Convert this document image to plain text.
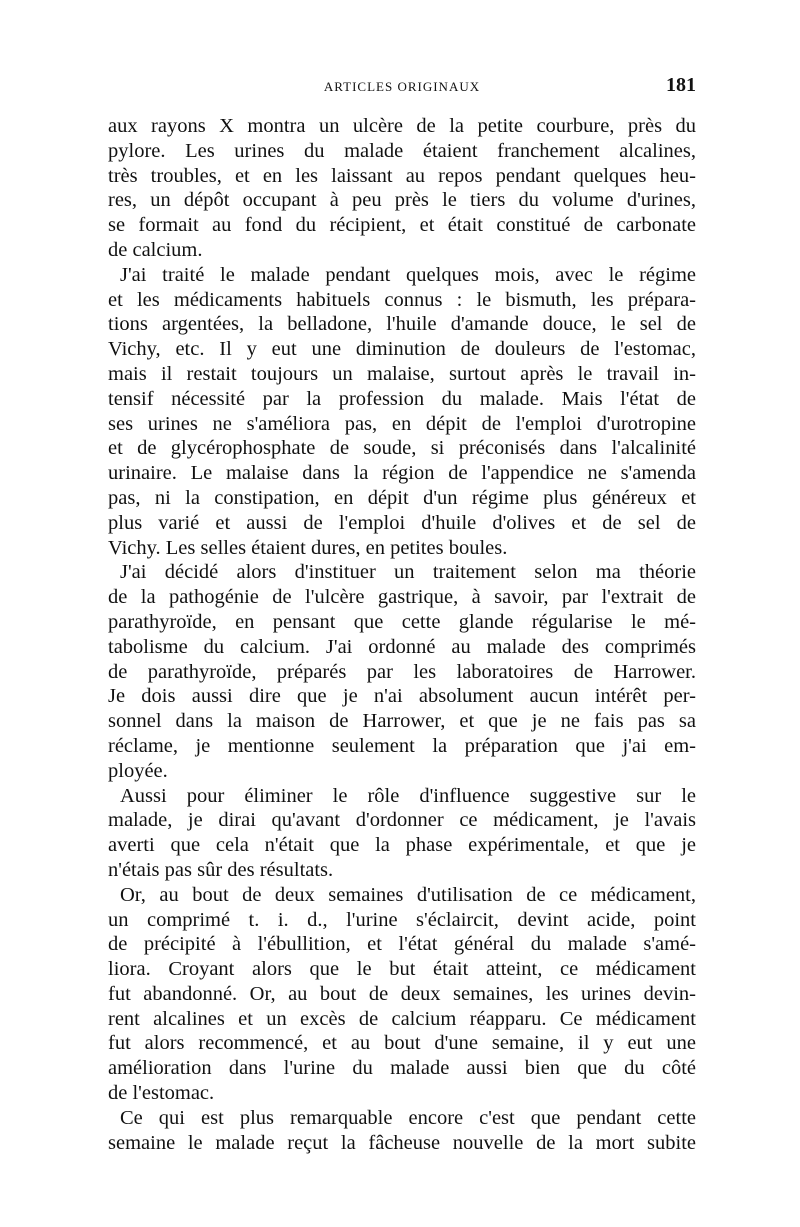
ARTICLES ORIGINAUX	181

aux rayons X montra un ulcère de la petite courbure, près du

pylore. Les urines du malade étaient franchement alcalines,

très troubles, et en les laissant au repos pendant quelques heu-

res, un dépôt occupant à peu près le tiers du volume d'urines,

se formait au fond du récipient, et était constitué de carbonate

de calcium.

J'ai traité le malade pendant quelques mois, avec le régime

et les médicaments habituels connus : le bismuth, les prépara-

tions argentées, la belladone, l'huile d'amande douce, le sel de

Vichy, etc. Il y eut une diminution de douleurs de l'estomac,

mais il restait toujours un malaise, surtout après le travail in-

tensif nécessité par la profession du malade. Mais l'état de

ses urines ne s'améliora pas, en dépit de l'emploi d'urotropine

et de glycérophosphate de soude, si préconisés dans l'alcalinité

urinaire. Le malaise dans la région de l'appendice ne s'amenda

pas, ni la constipation, en dépit d'un régime plus généreux et

plus varié et aussi de l'emploi d'huile d'olives et de sel de

Vichy. Les selles étaient dures, en petites boules.

J'ai décidé alors d'instituer un traitement selon ma théorie

de la pathogénie de l'ulcère gastrique, à savoir, par l'extrait de

parathyroïde, en pensant que cette glande régularise le mé-

tabolisme du calcium. J'ai ordonné au malade des comprimés

de parathyroïde, préparés par les laboratoires de Harrower.

Je dois aussi dire que je n'ai absolument aucun intérêt per-

sonnel dans la maison de Harrower, et que je ne fais pas sa

réclame, je mentionne seulement la préparation que j'ai em-

ployée.

Aussi pour éliminer le rôle d'influence suggestive sur le

malade, je dirai qu'avant d'ordonner ce médicament, je l'avais

averti que cela n'était que la phase expérimentale, et que je

n'étais pas sûr des résultats.

Or, au bout de deux semaines d'utilisation de ce médicament,

un comprimé t. i. d., l'urine s'éclaircit, devint acide, point

de précipité à l'ébullition, et l'état général du malade s'amé-

liora. Croyant alors que le but était atteint, ce médicament

fut abandonné. Or, au bout de deux semaines, les urines devin-

rent alcalines et un excès de calcium réapparu. Ce médicament

fut alors recommencé, et au bout d'une semaine, il y eut une

amélioration dans l'urine du malade aussi bien que du côté

de l'estomac.

Ce qui est plus remarquable encore c'est que pendant cette

semaine le malade reçut la fâcheuse nouvelle de la mort subite
